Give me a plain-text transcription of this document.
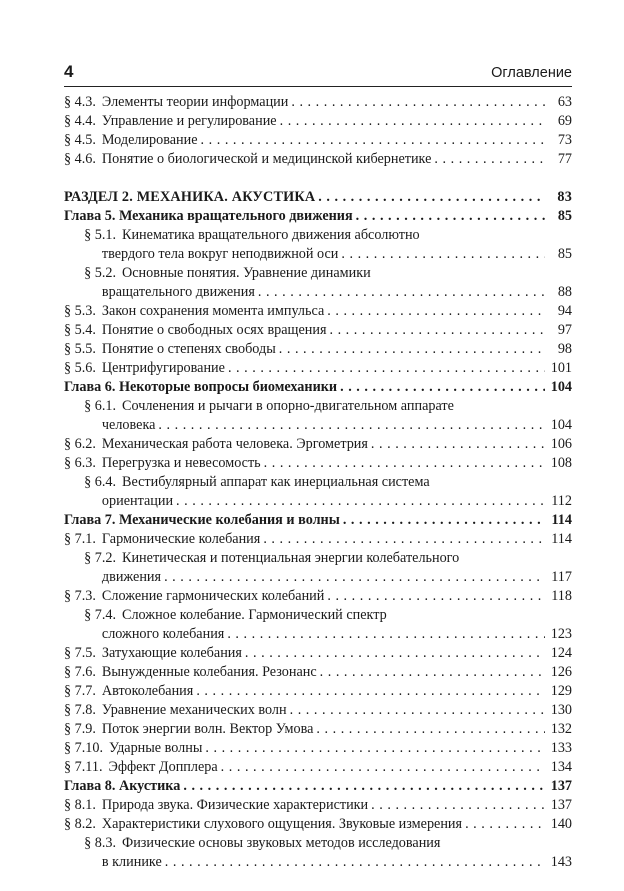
4	Оглавление
§ 4.3. Элементы теории информации . . .	63
§ 4.4. Управление и регулирование . . .	69
§ 4.5. Моделирование . . .	73
§ 4.6. Понятие о биологической и медицинской кибернетике . . .	77
РАЗДЕЛ 2. МЕХАНИКА. АКУСТИКА . . .	83
Глава 5. Механика вращательного движения . . .	85
§ 5.1. Кинематика вращательного движения абсолютно
твердого тела вокруг неподвижной оси . . .	85
§ 5.2. Основные понятия. Уравнение динамики
вращательного движения . . .	88
§ 5.3. Закон сохранения момента импульса . . .	94
§ 5.4. Понятие о свободных осях вращения . . .	97
§ 5.5. Понятие о степенях свободы . . .	98
§ 5.6. Центрифугирование . . .	101
Глава 6. Некоторые вопросы биомеханики . . .	104
§ 6.1. Сочленения и рычаги в опорно-двигательном аппарате
человека . . .	104
§ 6.2. Механическая работа человека. Эргометрия . . .	106
§ 6.3. Перегрузка и невесомость . . .	108
§ 6.4. Вестибулярный аппарат как инерциальная система
ориентации . . .	112
Глава 7. Механические колебания и волны . . .	114
§ 7.1. Гармонические колебания . . .	114
§ 7.2. Кинетическая и потенциальная энергии колебательного
движения . . .	117
§ 7.3. Сложение гармонических колебаний . . .	118
§ 7.4. Сложное колебание. Гармонический спектр
сложного колебания . . .	123
§ 7.5. Затухающие колебания . . .	124
§ 7.6. Вынужденные колебания. Резонанс . . .	126
§ 7.7. Автоколебания . . .	129
§ 7.8. Уравнение механических волн . . .	130
§ 7.9. Поток энергии волн. Вектор Умова . . .	132
§ 7.10. Ударные волны . . .	133
§ 7.11. Эффект Допплера . . .	134
Глава 8. Акустика . . .	137
§ 8.1. Природа звука. Физические характеристики . . .	137
§ 8.2. Характеристики слухового ощущения. Звуковые измерения . . .	140
§ 8.3. Физические основы звуковых методов исследования
в клинике . . .	143
